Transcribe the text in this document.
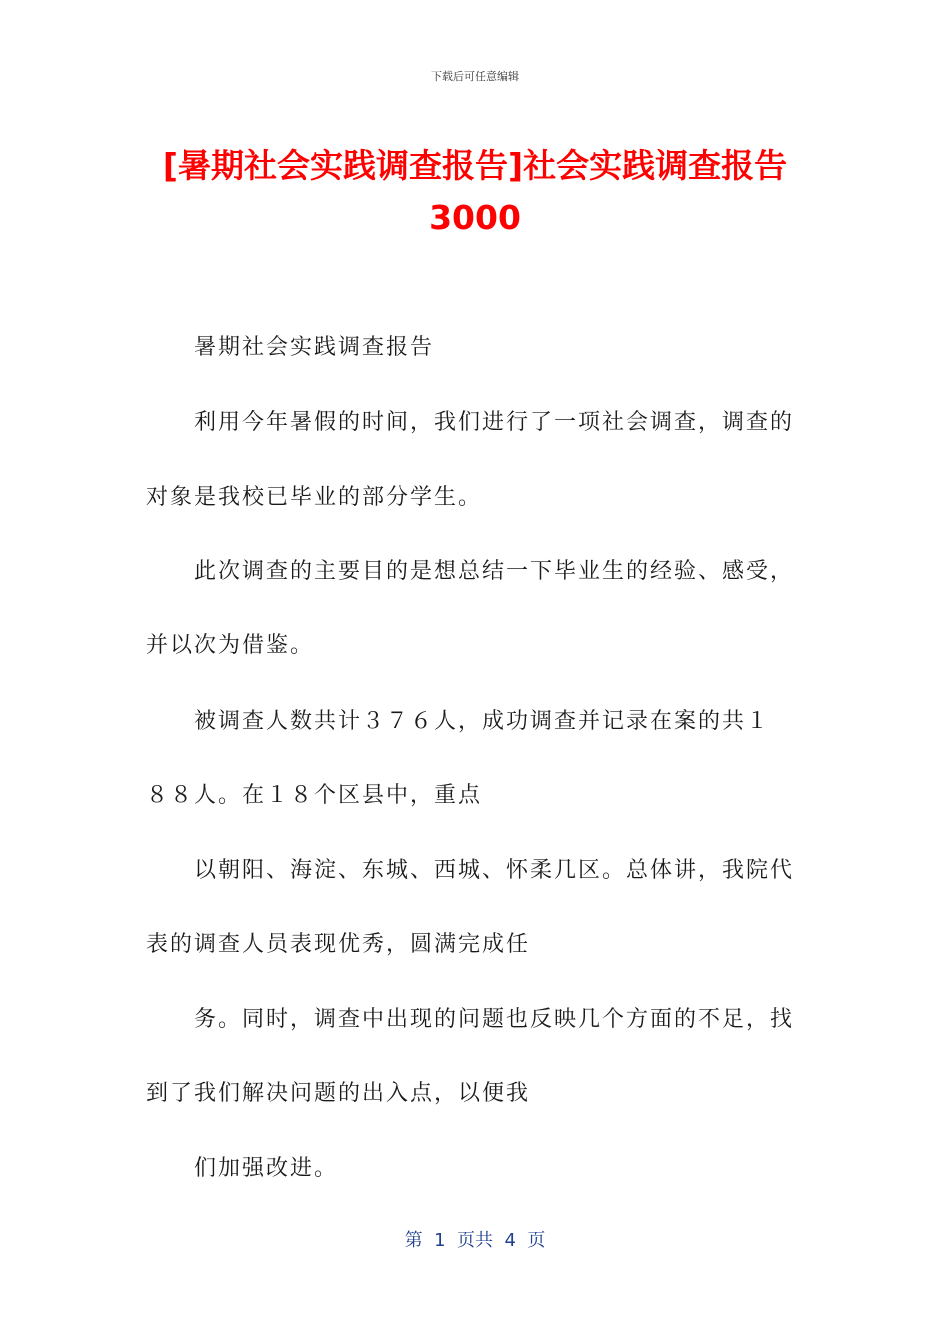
下载后可任意编辑
[暑期社会实践调查报告]社会实践调查报告
3000
暑期社会实践调查报告
利用今年暑假的时间，我们进行了一项社会调查，调查的
对象是我校已毕业的部分学生。
此次调查的主要目的是想总结一下毕业生的经验、感受，
并以次为借鉴。
被调查人数共计３７６人，成功调查并记录在案的共１
８８人。在１８个区县中，重点
以朝阳、海淀、东城、西城、怀柔几区。总体讲，我院代
表的调查人员表现优秀，圆满完成任
务。同时，调查中出现的问题也反映几个方面的不足，找
到了我们解决问题的出入点，以便我
们加强改进。
第  1  页共  4  页
